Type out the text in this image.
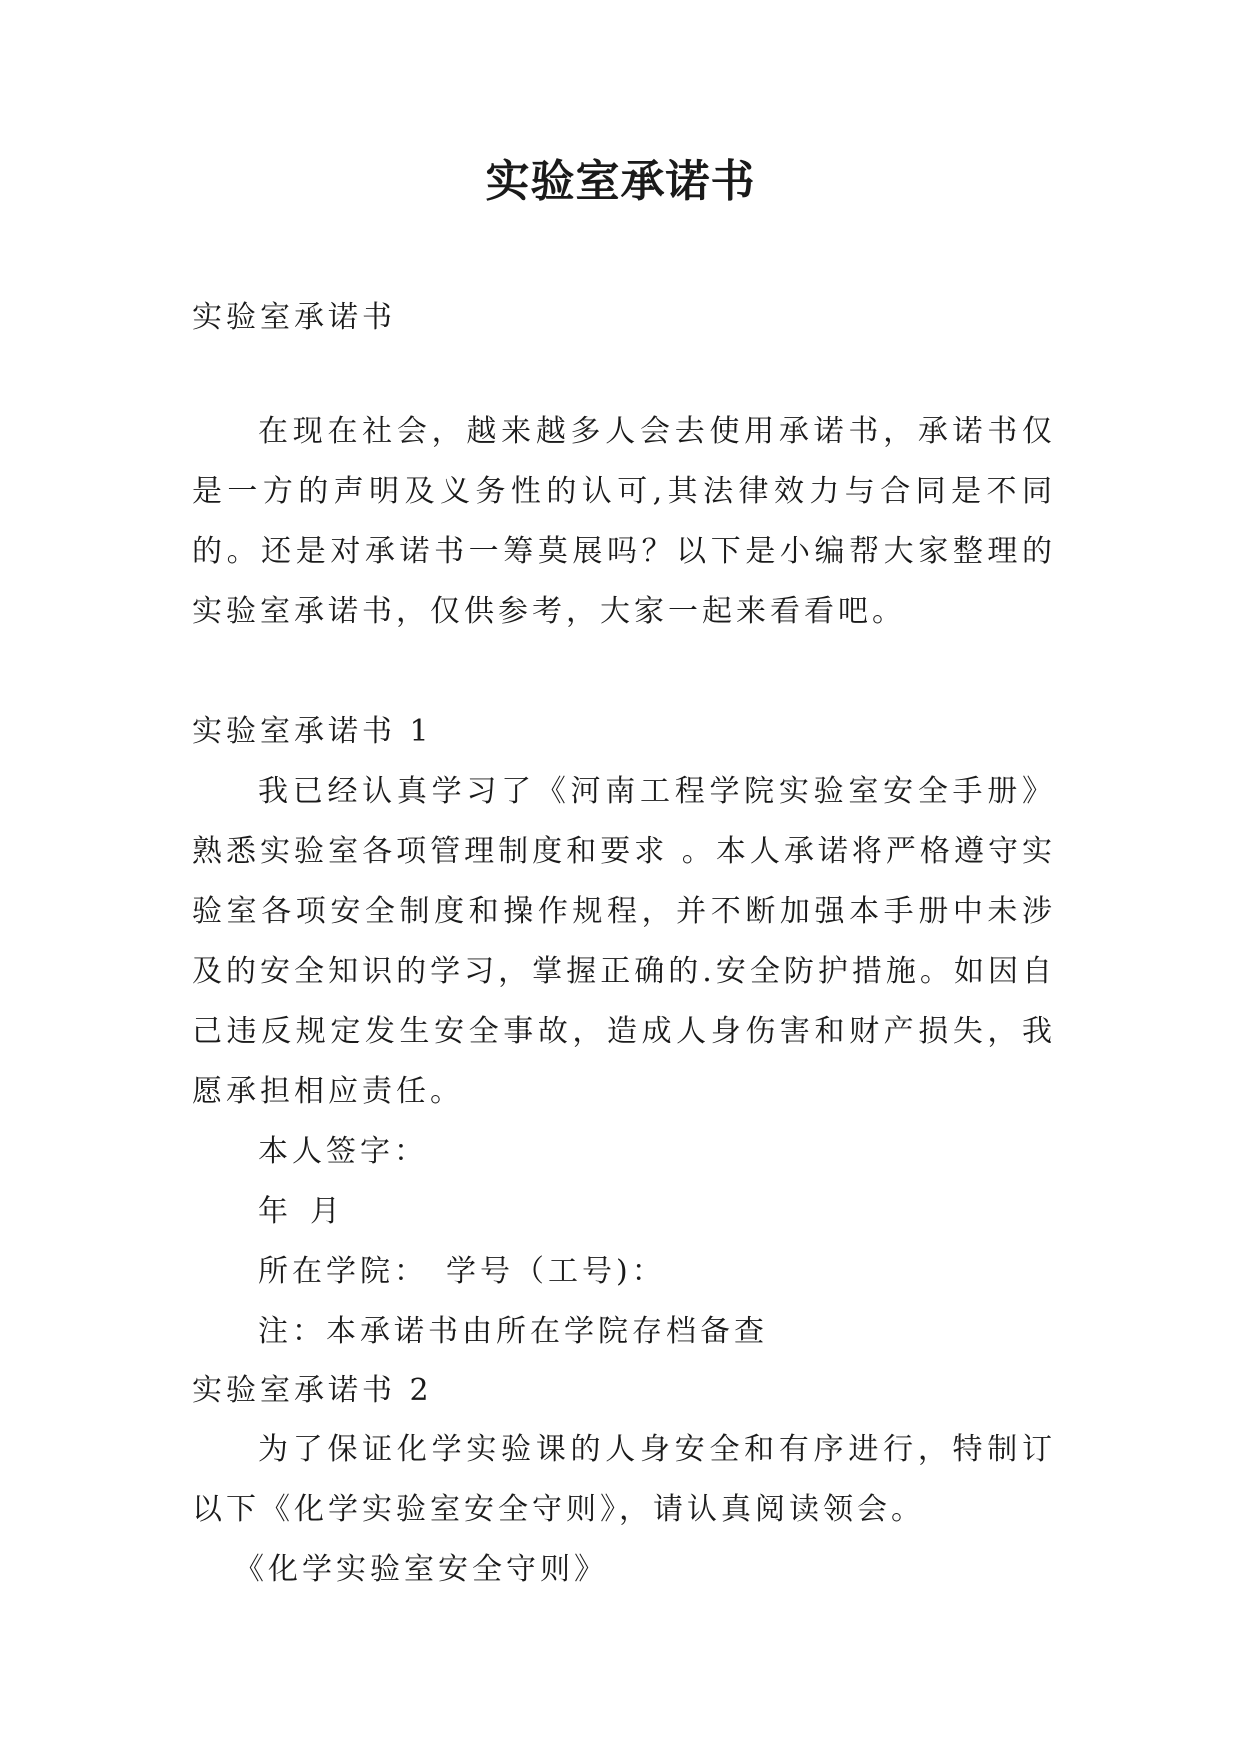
实验室承诺书

实验室承诺书

在现在社会，越来越多人会去使用承诺书，承诺书仅是一方的声明及义务性的认可,其法律效力与合同是不同的。还是对承诺书一筹莫展吗？以下是小编帮大家整理的实验室承诺书，仅供参考，大家一起来看看吧。

实验室承诺书 1

我已经认真学习了《河南工程学院实验室安全手册》熟悉实验室各项管理制度和要求 。本人承诺将严格遵守实验室各项安全制度和操作规程，并不断加强本手册中未涉及的安全知识的学习，掌握正确的.安全防护措施。如因自己违反规定发生安全事故，造成人身伤害和财产损失，我愿承担相应责任。

本人签字：

年 月

所在学院： 学号（工号)：

注：本承诺书由所在学院存档备查

实验室承诺书 2

为了保证化学实验课的人身安全和有序进行，特制订以下《化学实验室安全守则》，请认真阅读领会。

《化学实验室安全守则》
